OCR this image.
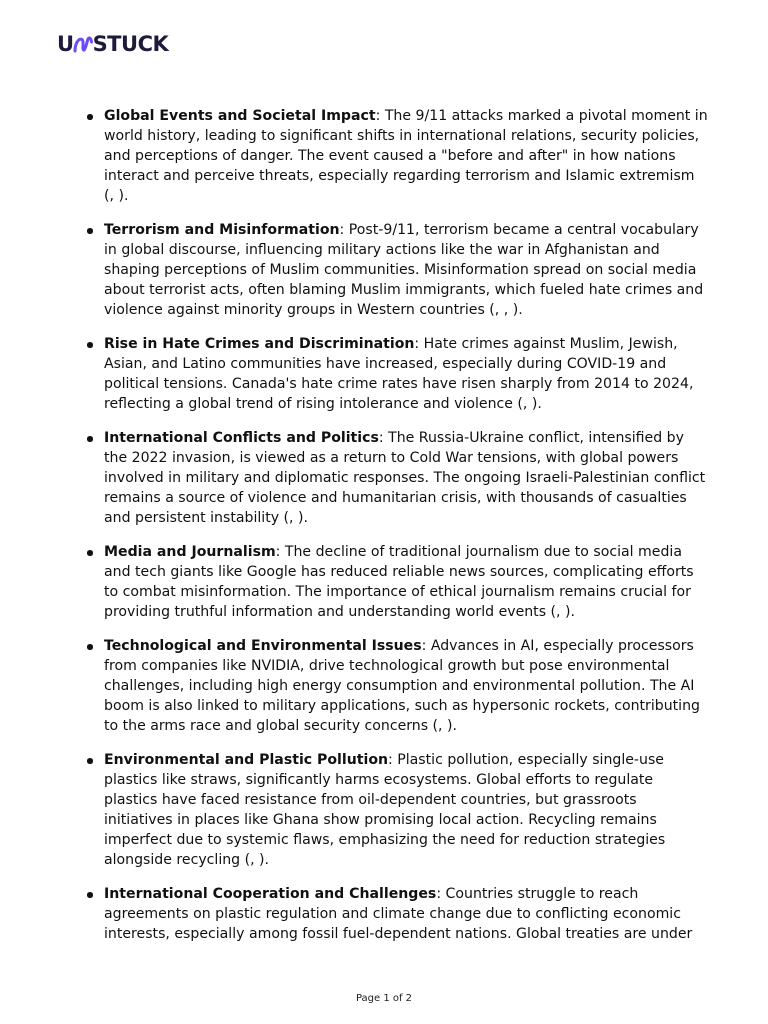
U STUCK
Global Events and Societal Impact: The 9/11 attacks marked a pivotal moment in world history, leading to significant shifts in international relations, security policies, and perceptions of danger. The event caused a "before and after" in how nations interact and perceive threats, especially regarding terrorism and Islamic extremism (, ).
Terrorism and Misinformation: Post-9/11, terrorism became a central vocabulary in global discourse, influencing military actions like the war in Afghanistan and shaping perceptions of Muslim communities. Misinformation spread on social media about terrorist acts, often blaming Muslim immigrants, which fueled hate crimes and violence against minority groups in Western countries (, , ).
Rise in Hate Crimes and Discrimination: Hate crimes against Muslim, Jewish, Asian, and Latino communities have increased, especially during COVID-19 and political tensions. Canada's hate crime rates have risen sharply from 2014 to 2024, reflecting a global trend of rising intolerance and violence (, ).
International Conflicts and Politics: The Russia-Ukraine conflict, intensified by the 2022 invasion, is viewed as a return to Cold War tensions, with global powers involved in military and diplomatic responses. The ongoing Israeli-Palestinian conflict remains a source of violence and humanitarian crisis, with thousands of casualties and persistent instability (, ).
Media and Journalism: The decline of traditional journalism due to social media and tech giants like Google has reduced reliable news sources, complicating efforts to combat misinformation. The importance of ethical journalism remains crucial for providing truthful information and understanding world events (, ).
Technological and Environmental Issues: Advances in AI, especially processors from companies like NVIDIA, drive technological growth but pose environmental challenges, including high energy consumption and environmental pollution. The AI boom is also linked to military applications, such as hypersonic rockets, contributing to the arms race and global security concerns (, ).
Environmental and Plastic Pollution: Plastic pollution, especially single-use plastics like straws, significantly harms ecosystems. Global efforts to regulate plastics have faced resistance from oil-dependent countries, but grassroots initiatives in places like Ghana show promising local action. Recycling remains imperfect due to systemic flaws, emphasizing the need for reduction strategies alongside recycling (, ).
International Cooperation and Challenges: Countries struggle to reach agreements on plastic regulation and climate change due to conflicting economic interests, especially among fossil fuel-dependent nations. Global treaties are under
Page 1 of 2
